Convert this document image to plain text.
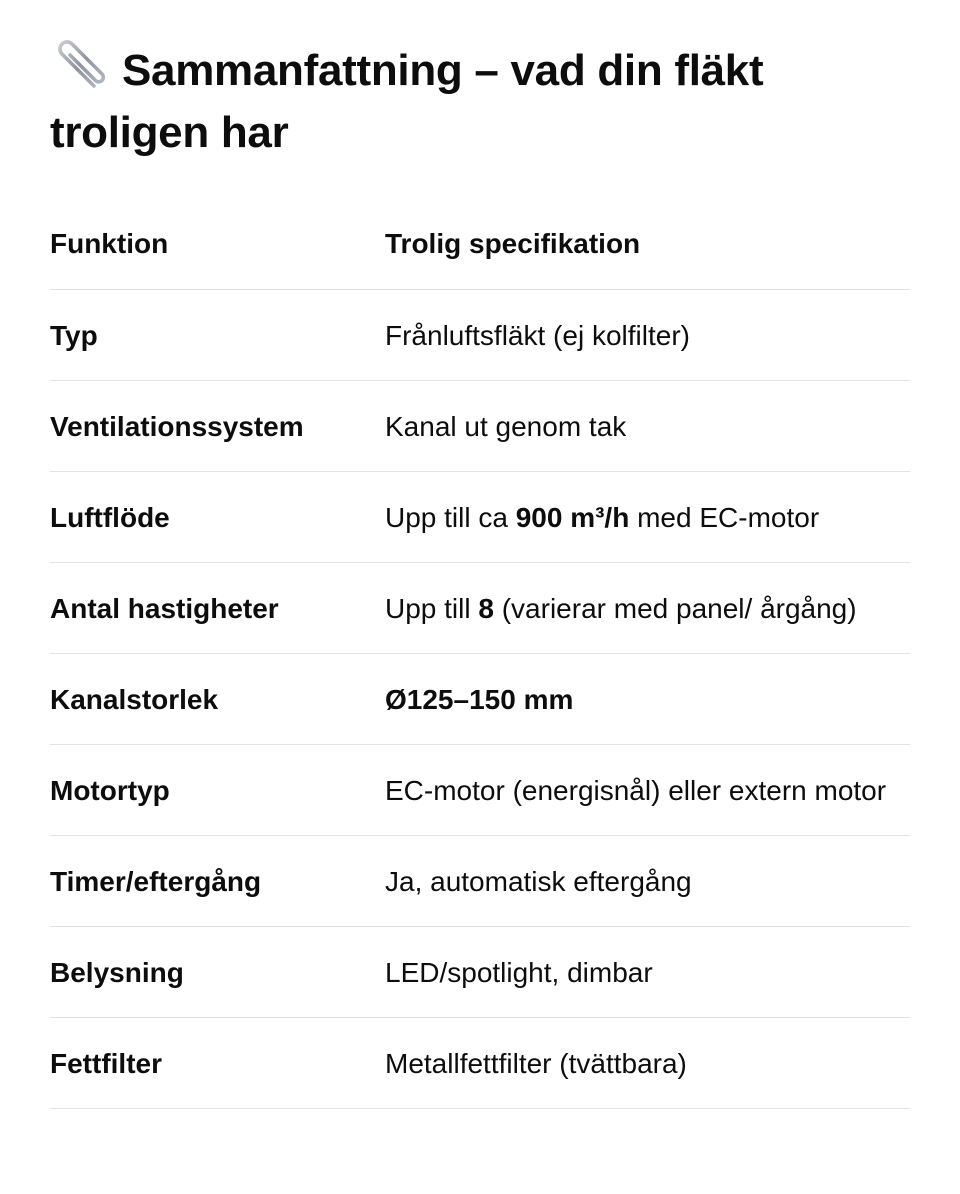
Sammanfattning – vad din fläkt troligen har
Funktion	Trolig specifikation
Typ	Frånluftsfläkt (ej kolfilter)
Ventilationssystem	Kanal ut genom tak
Luftflöde	Upp till ca 900 m³/h med EC-motor
Antal hastigheter	Upp till 8 (varierar med panel/ årgång)
Kanalstorlek	Ø125–150 mm
Motortyp	EC-motor (energisnål) eller extern motor
Timer/eftergång	Ja, automatisk eftergång
Belysning	LED/spotlight, dimbar
Fettfilter	Metallfettfilter (tvättbara)
